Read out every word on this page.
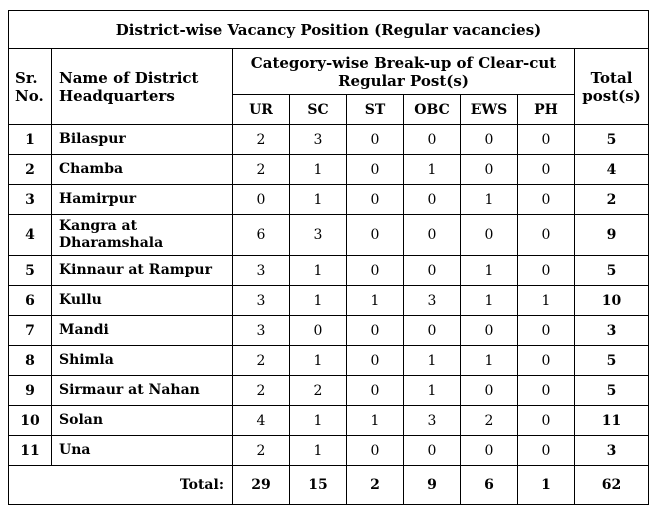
District-wise Vacancy Position (Regular vacancies)								
Sr. No.	Name of District Headquarters	Category-wise Break-up of Clear-cut Regular Post(s)						Total post(s)
		UR	SC	ST	OBC	EWS	PH	
1	Bilaspur	2	3	0	0	0	0	5
2	Chamba	2	1	0	1	0	0	4
3	Hamirpur	0	1	0	0	1	0	2
4	Kangra at Dharamshala	6	3	0	0	0	0	9
5	Kinnaur at Rampur	3	1	0	0	1	0	5
6	Kullu	3	1	1	3	1	1	10
7	Mandi	3	0	0	0	0	0	3
8	Shimla	2	1	0	1	1	0	5
9	Sirmaur at Nahan	2	2	0	1	0	0	5
10	Solan	4	1	1	3	2	0	11
11	Una	2	1	0	0	0	0	3
Total:		29	15	2	9	6	1	62
